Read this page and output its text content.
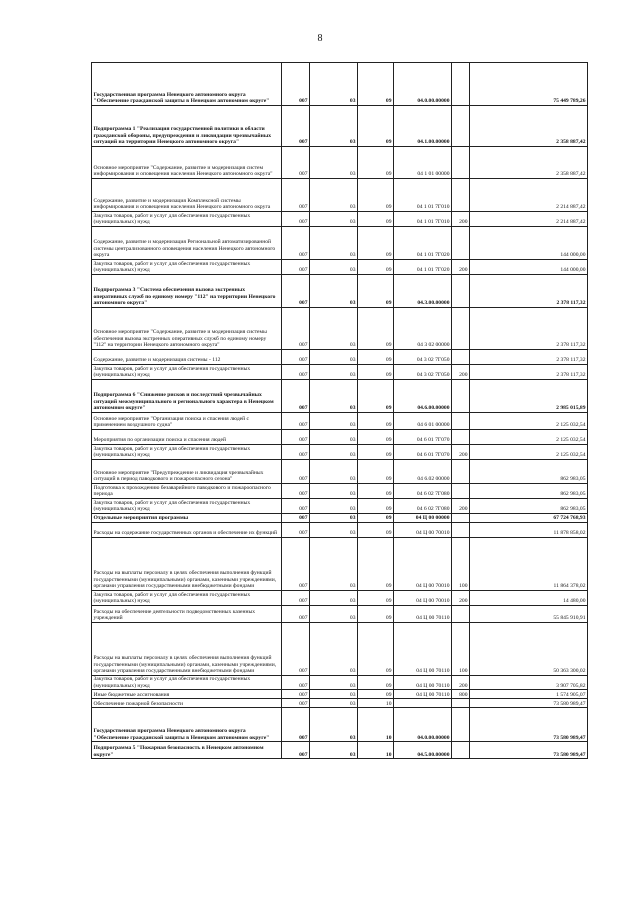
8
Государственная программа Ненецкого автономного округа "Обеспечение гражданской защиты в Ненецком автономном округе"	007	03	09	04.0.00.00000		75 449 789,26
Подпрограмма 1 "Реализация государственной политики в области гражданской обороны, предупреждения и ликвидации чрезвычайных ситуаций на территории Ненецкого автономного округа"	007	03	09	04.1.00.00000		2 358 887,42
Основное мероприятие "Содержание, развитие и модернизация систем информирования и оповещения населения Ненецкого автономного округа"	007	03	09	04 1 01 00000		2 358 887,42
Содержание, развитие и модернизация Комплексной системы информирования и оповещения населения Ненецкого автономного округа	007	03	09	04 1 01 7Г010		2 214 887,42
Закупка товаров, работ и услуг для обеспечения государственных (муниципальных) нужд	007	03	09	04 1 01 7Г010	200	2 214 887,42
Содержание, развитие и модернизация Региональной автоматизированной системы централизованного оповещения населения Ненецкого автономного округа	007	03	09	04 1 01 7Г020		144 000,00
Закупка товаров, работ и услуг для обеспечения государственных (муниципальных) нужд	007	03	09	04 1 01 7Г020	200	144 000,00
Подпрограмма 3 "Система обеспечения вызова экстренных оперативных служб по единому номеру "112" на территории Ненецкого автономного округа"	007	03	09	04.3.00.00000		2 378 117,32
Основное мероприятие "Содержание, развитие и модернизация системы обеспечения вызова экстренных оперативных служб по единому номеру "112" на территории Ненецкого автономного округа"	007	03	09	04 3 02 00000		2 378 117,32
Содержание, развитие и модернизация системы - 112	007	03	09	04 3 02 7Г050		2 378 117,32
Закупка товаров, работ и услуг для обеспечения государственных (муниципальных) нужд	007	03	09	04 3 02 7Г050	200	2 378 117,32
Подпрограмма 6 "Снижение рисков и последствий чрезвычайных ситуаций межмуниципального и регионального характера в Ненецком автономном округе"	007	03	09	04.6.00.00000		2 985 015,89
Основное мероприятие "Организация поиска и спасения людей с применением воздушного судна"	007	03	09	04 6 01 00000		2 125 032,54
Мероприятия по организации поиска и спасения людей	007	03	09	04 6 01 7Г070		2 125 032,54
Закупка товаров, работ и услуг для обеспечения государственных (муниципальных) нужд	007	03	09	04 6 01 7Г070	200	2 125 032,54
Основное мероприятие "Предупреждение и ликвидация чрезвычайных ситуаций в период паводкового и пожароопасного сезона"	007	03	09	04 6.02 00000		862 983,05
Подготовка к прохождению безаварийного паводкового и пожароопасного периода	007	03	09	04 6 02 7Г080		862 983,05
Закупка товаров, работ и услуг для обеспечения государственных (муниципальных) нужд	007	03	09	04 6 02 7Г080	200	862 983,05
Отдельные мероприятия программы	007	03	09	04 Ц 00 00000		67 724 768,93
Расходы на содержание государственных органов и обеспечение их функций	007	03	09	04 Ц 00 70010		11 878 858,02
Расходы на выплаты персоналу в целях обеспечения выполнения функций государственными (муниципальными) органами, казенными учреждениями, органами управления государственными внебюджетными фондами	007	03	09	04 Ц 00 70010	100	11 864 378,02
Закупка товаров, работ и услуг для обеспечения государственных (муниципальных) нужд	007	03	09	04 Ц 00 70010	200	14 480,00
Расходы на обеспечение деятельности подведомственных казенных учреждений	007	03	09	04 Ц 00 70110		55 845 910,91
Расходы на выплаты персоналу в целях обеспечения выполнения функций государственными (муниципальными) органами, казенными учреждениями, органами управления государственными внебюджетными фондами	007	03	09	04 Ц 00 70110	100	50 363 300,02
Закупка товаров, работ и услуг для обеспечения государственных (муниципальных) нужд	007	03	09	04 Ц 00 70110	200	3 907 705,82
Иные бюджетные ассигнования	007	03	09	04 Ц 00 70110	800	1 574 905,07
Обеспечение пожарной безопасности	007	03	10			73 580 989,47
Государственная программа Ненецкого автономного округа "Обеспечение гражданской защиты в Ненецком автономном округе"	007	03	10	04.0.00.00000		73 580 989,47
Подпрограмма 5 "Пожарная безопасность в Ненецком автономном округе"	007	03	10	04.5.00.00000		73 580 989,47
